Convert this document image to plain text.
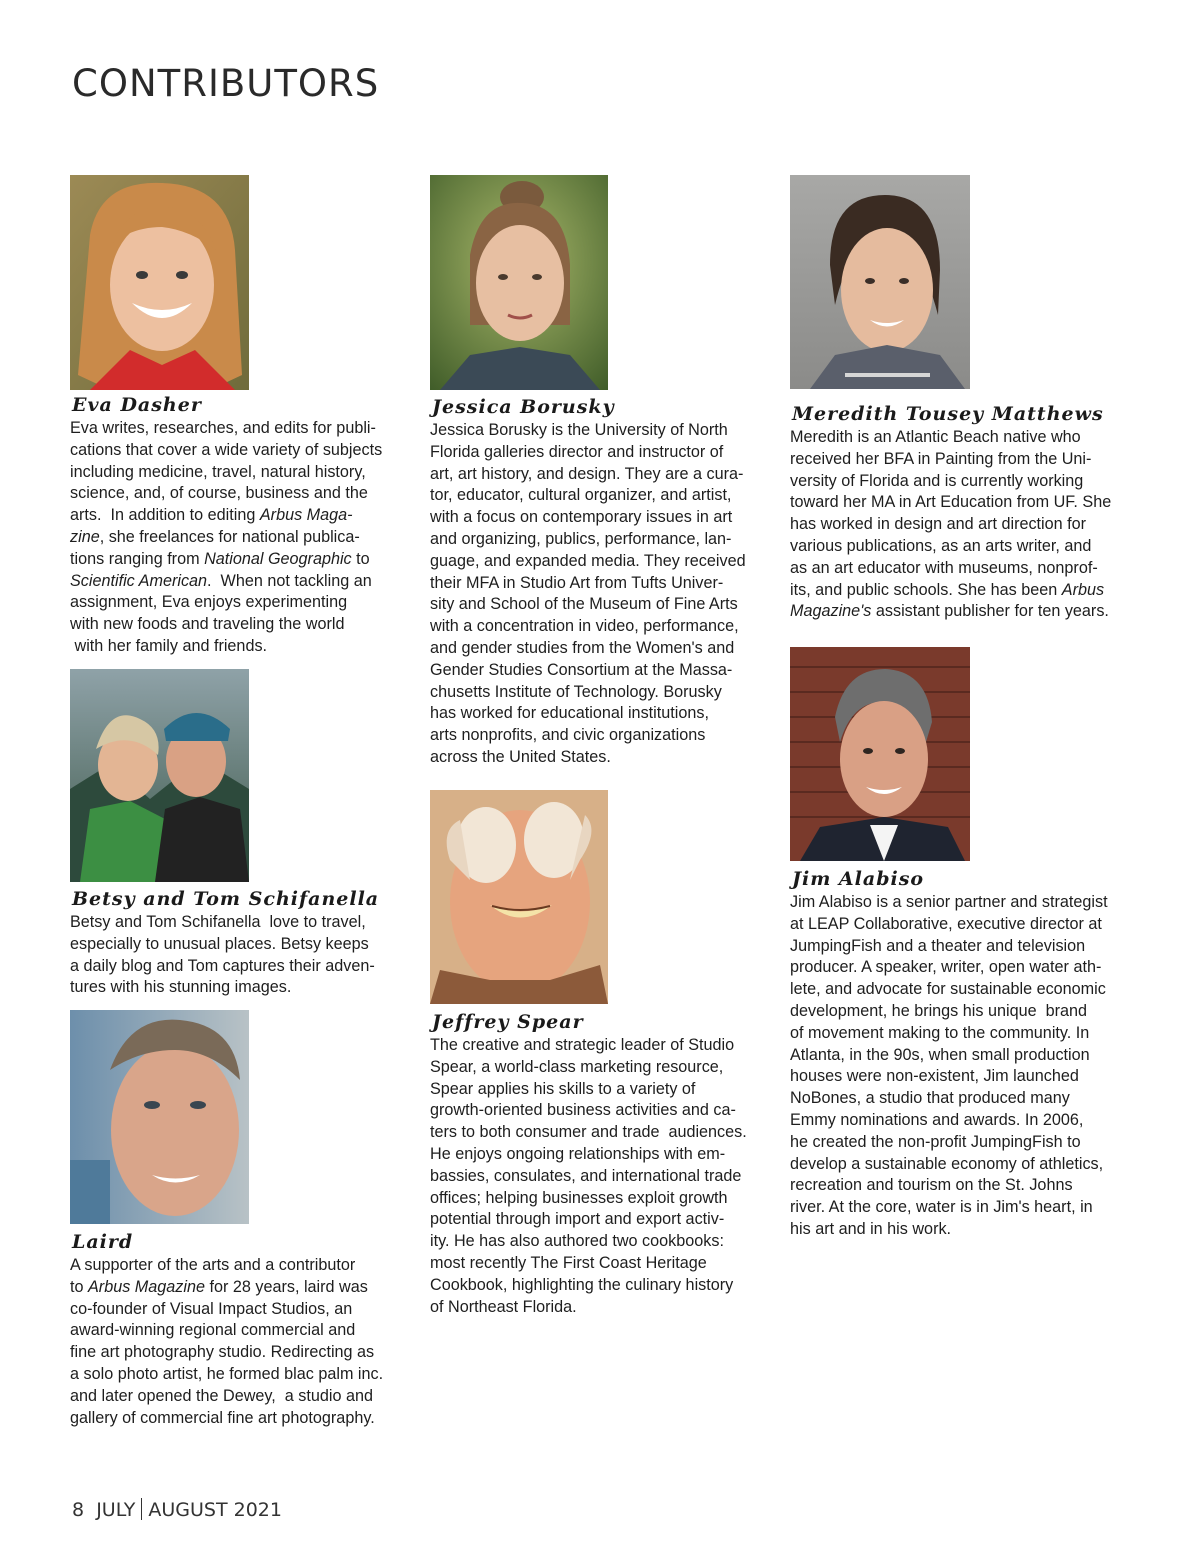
CONTRIBUTORS
Eva Dasher
Eva writes, researches, and edits for publi-
cations that cover a wide variety of subjects
including medicine, travel, natural history,
science, and, of course, business and the
arts.  In addition to editing Arbus Maga-
zine, she freelances for national publica-
tions ranging from National Geographic to
Scientific American.  When not tackling an
assignment, Eva enjoys experimenting
with new foods and traveling the world
with her family and friends.
Betsy and Tom Schifanella
Betsy and Tom Schifanella  love to travel,
especially to unusual places. Betsy keeps
a daily blog and Tom captures their adven-
tures with his stunning images.
Laird
A supporter of the arts and a contributor
to Arbus Magazine for 28 years, laird was
co-founder of Visual Impact Studios, an
award-winning regional commercial and
fine art photography studio. Redirecting as
a solo photo artist, he formed blac palm inc.
and later opened the Dewey,  a studio and
gallery of commercial fine art photography.
Jessica Borusky
Jessica Borusky is the University of North
Florida galleries director and instructor of
art, art history, and design. They are a cura-
tor, educator, cultural organizer, and artist,
with a focus on contemporary issues in art
and organizing, publics, performance, lan-
guage, and expanded media. They received
their MFA in Studio Art from Tufts Univer-
sity and School of the Museum of Fine Arts
with a concentration in video, performance,
and gender studies from the Women's and
Gender Studies Consortium at the Massa-
chusetts Institute of Technology. Borusky
has worked for educational institutions,
arts nonprofits, and civic organizations
across the United States.
Jeffrey Spear
The creative and strategic leader of Studio
Spear, a world-class marketing resource,
Spear applies his skills to a variety of
growth-oriented business activities and ca-
ters to both consumer and trade  audiences.
He enjoys ongoing relationships with em-
bassies, consulates, and international trade
offices; helping businesses exploit growth
potential through import and export activ-
ity. He has also authored two cookbooks:
most recently The First Coast Heritage
Cookbook, highlighting the culinary history
of Northeast Florida.
Meredith Tousey Matthews
Meredith is an Atlantic Beach native who
received her BFA in Painting from the Uni-
versity of Florida and is currently working
toward her MA in Art Education from UF. She
has worked in design and art direction for
various publications, as an arts writer, and
as an art educator with museums, nonprof-
its, and public schools. She has been Arbus
Magazine's assistant publisher for ten years.
Jim Alabiso
Jim Alabiso is a senior partner and strategist
at LEAP Collaborative, executive director at
JumpingFish and a theater and television
producer. A speaker, writer, open water ath-
lete, and advocate for sustainable economic
development, he brings his unique  brand
of movement making to the community. In
Atlanta, in the 90s, when small production
houses were non-existent, Jim launched
NoBones, a studio that produced many
Emmy nominations and awards. In 2006,
he created the non-profit JumpingFish to
develop a sustainable economy of athletics,
recreation and tourism on the St. Johns
river. At the core, water is in Jim's heart, in
his art and in his work.
8 JULY AUGUST 2021
